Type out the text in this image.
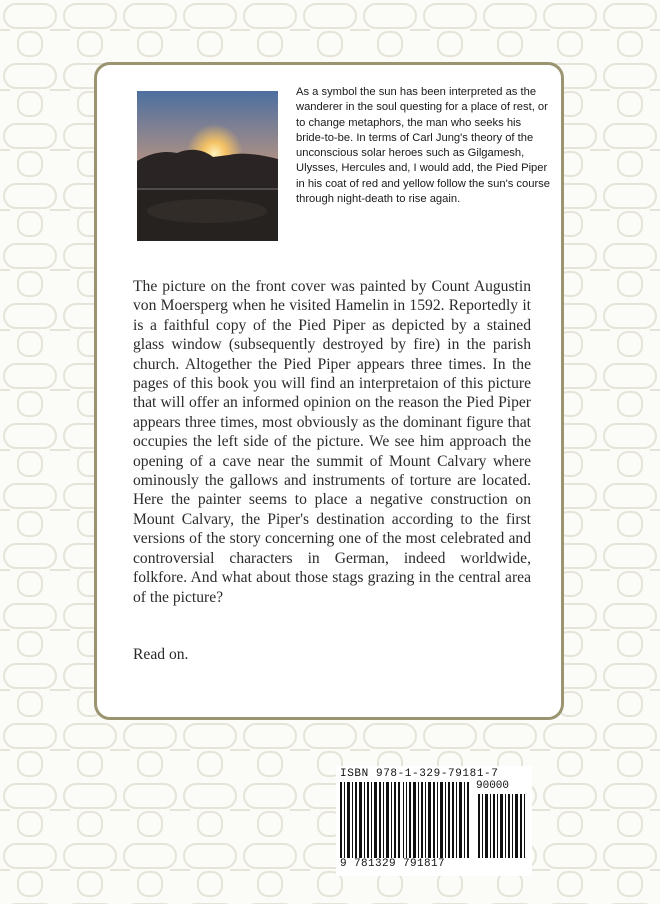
As a symbol the sun has been interpreted as the wanderer in the soul questing for a place of rest, or to change metaphors, the man who seeks his bride-to-be. In terms of Carl Jung's theory of the unconscious solar heroes such as Gilgamesh, Ulysses, Hercules and, I would add, the Pied Piper in his coat of red and yellow follow the sun's course through night-death to rise again.

The picture on the front cover was painted by Count Augustin von Moersperg when he visited Hamelin in 1592. Reportedly it is a faithful copy of the Pied Piper as depicted by a stained glass window (subsequently destroyed by fire) in the parish church. Altogether the Pied Piper appears three times. In the pages of this book you will find an interpretaion of this picture that will offer an informed opinion on the reason the Pied Piper appears three times, most obviously as the dominant figure that occupies the left side of the picture. We see him approach the opening of a cave near the summit of Mount Calvary where ominously the gallows and instruments of torture are located. Here the painter seems to place a negative construction on Mount Calvary, the Piper's destination according to the first versions of the story concerning one of the most celebrated and controversial characters in German, indeed worldwide, folkfore. And what about those stags grazing in the central area of the picture?

Read on.

ISBN 978-1-329-79181-7
90000
9 781329 791817
